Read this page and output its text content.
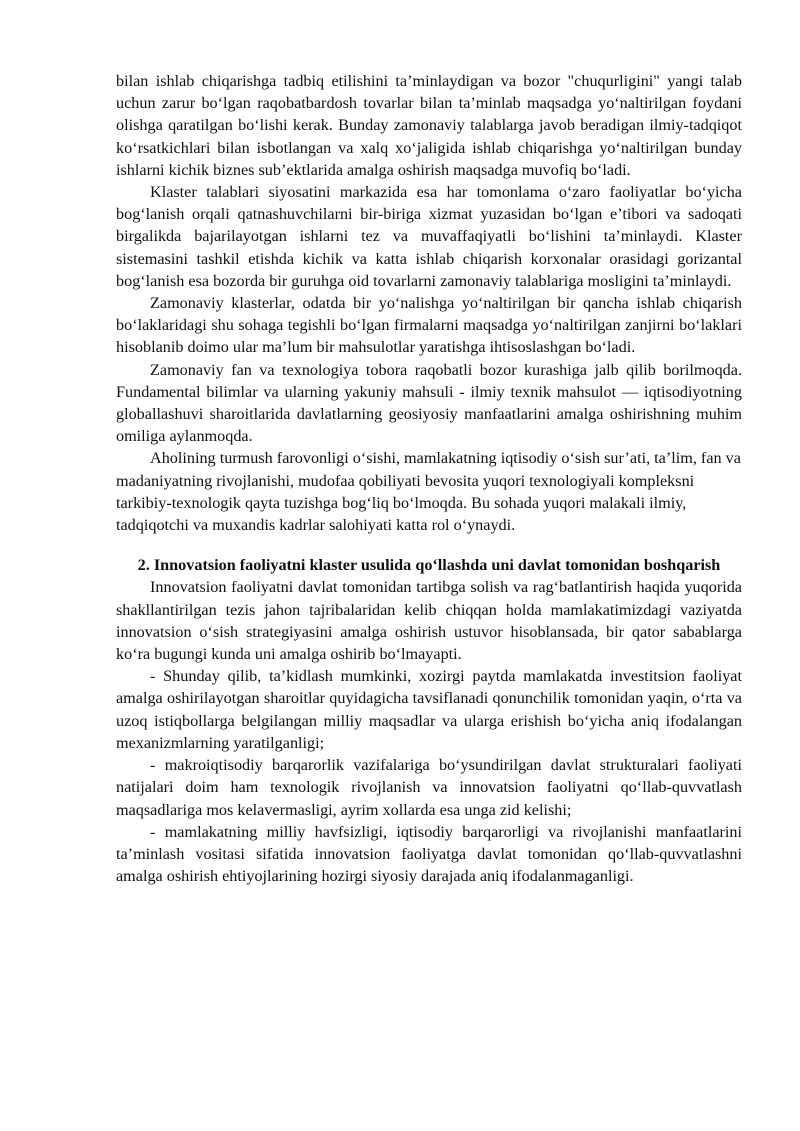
bilan ishlab chiqarishga tadbiq etilishini ta’minlaydigan va bozor "chuqurligini" yangi talab uchun zarur bo‘lgan raqobatbardosh tovarlar bilan ta’minlab maqsadga yo‘naltirilgan foydani olishga qaratilgan bo‘lishi kerak. Bunday zamonaviy talablarga javob beradigan ilmiy-tadqiqot ko‘rsatkichlari bilan isbotlangan va xalq xo‘jaligida ishlab chiqarishga yo‘naltirilgan bunday ishlarni kichik biznes sub’ektlarida amalga oshirish maqsadga muvofiq bo‘ladi.

Klaster talablari siyosatini markazida esa har tomonlama o‘zaro faoliyatlar bo‘yicha bog‘lanish orqali qatnashuvchilarni bir-biriga xizmat yuzasidan bo‘lgan e’tibori va sadoqati birgalikda bajarilayotgan ishlarni tez va muvaffaqiyatli bo‘lishini ta’minlaydi. Klaster sistemasini tashkil etishda kichik va katta ishlab chiqarish korxonalar orasidagi gorizantal bog‘lanish esa bozorda bir guruhga oid tovarlarni zamonaviy talablariga mosligini ta’minlaydi.

Zamonaviy klasterlar, odatda bir yo‘nalishga yo‘naltirilgan bir qancha ishlab chiqarish bo‘laklaridagi shu sohaga tegishli bo‘lgan firmalarni maqsadga yo‘naltirilgan zanjirni bo‘laklari hisoblanib doimo ular ma’lum bir mahsulotlar yaratishga ihtisoslashgan bo‘ladi.

Zamonaviy fan va texnologiya tobora raqobatli bozor kurashiga jalb qilib borilmoqda. Fundamental bilimlar va ularning yakuniy mahsuli - ilmiy texnik mahsulot — iqtisodiyotning globallashuvi sharoitlarida davlatlarning geosiyosiy manfaatlarini amalga oshirishning muhim omiliga aylanmoqda.

Aholining turmush farovonligi o‘sishi, mamlakatning iqtisodiy o‘sish sur’ati, ta’lim, fan va madaniyatning rivojlanishi, mudofaa qobiliyati bevosita yuqori texnologiyali kompleksni tarkibiy-texnologik qayta tuzishga bog‘liq bo‘lmoqda. Bu sohada yuqori malakali ilmiy, tadqiqotchi va muxandis kadrlar salohiyati katta rol o‘ynaydi.

2. Innovatsion faoliyatni klaster usulida qo‘llashda uni davlat tomonidan boshqarish

Innovatsion faoliyatni davlat tomonidan tartibga solish va rag‘batlantirish haqida yuqorida shakllantirilgan tezis jahon tajribalaridan kelib chiqqan holda mamlakatimizdagi vaziyatda innovatsion o‘sish strategiyasini amalga oshirish ustuvor hisoblansada, bir qator sabablarga ko‘ra bugungi kunda uni amalga oshirib bo‘lmayapti.

- Shunday qilib, ta’kidlash mumkinki, xozirgi paytda mamlakatda investitsion faoliyat amalga oshirilayotgan sharoitlar quyidagicha tavsiflanadi qonunchilik tomonidan yaqin, o‘rta va uzoq istiqbollarga belgilangan milliy maqsadlar va ularga erishish bo‘yicha aniq ifodalangan mexanizmlarning yaratilganligi;

- makroiqtisodiy barqarorlik vazifalariga bo‘ysundirilgan davlat strukturalari faoliyati natijalari doim ham texnologik rivojlanish va innovatsion faoliyatni qo‘llab-quvvatlash maqsadlariga mos kelavermasligi, ayrim xollarda esa unga zid kelishi;

- mamlakatning milliy havfsizligi, iqtisodiy barqarorligi va rivojlanishi manfaatlarini ta’minlash vositasi sifatida innovatsion faoliyatga davlat tomonidan qo‘llab-quvvatlashni amalga oshirish ehtiyojlarining hozirgi siyosiy darajada aniq ifodalanmaganligi.
